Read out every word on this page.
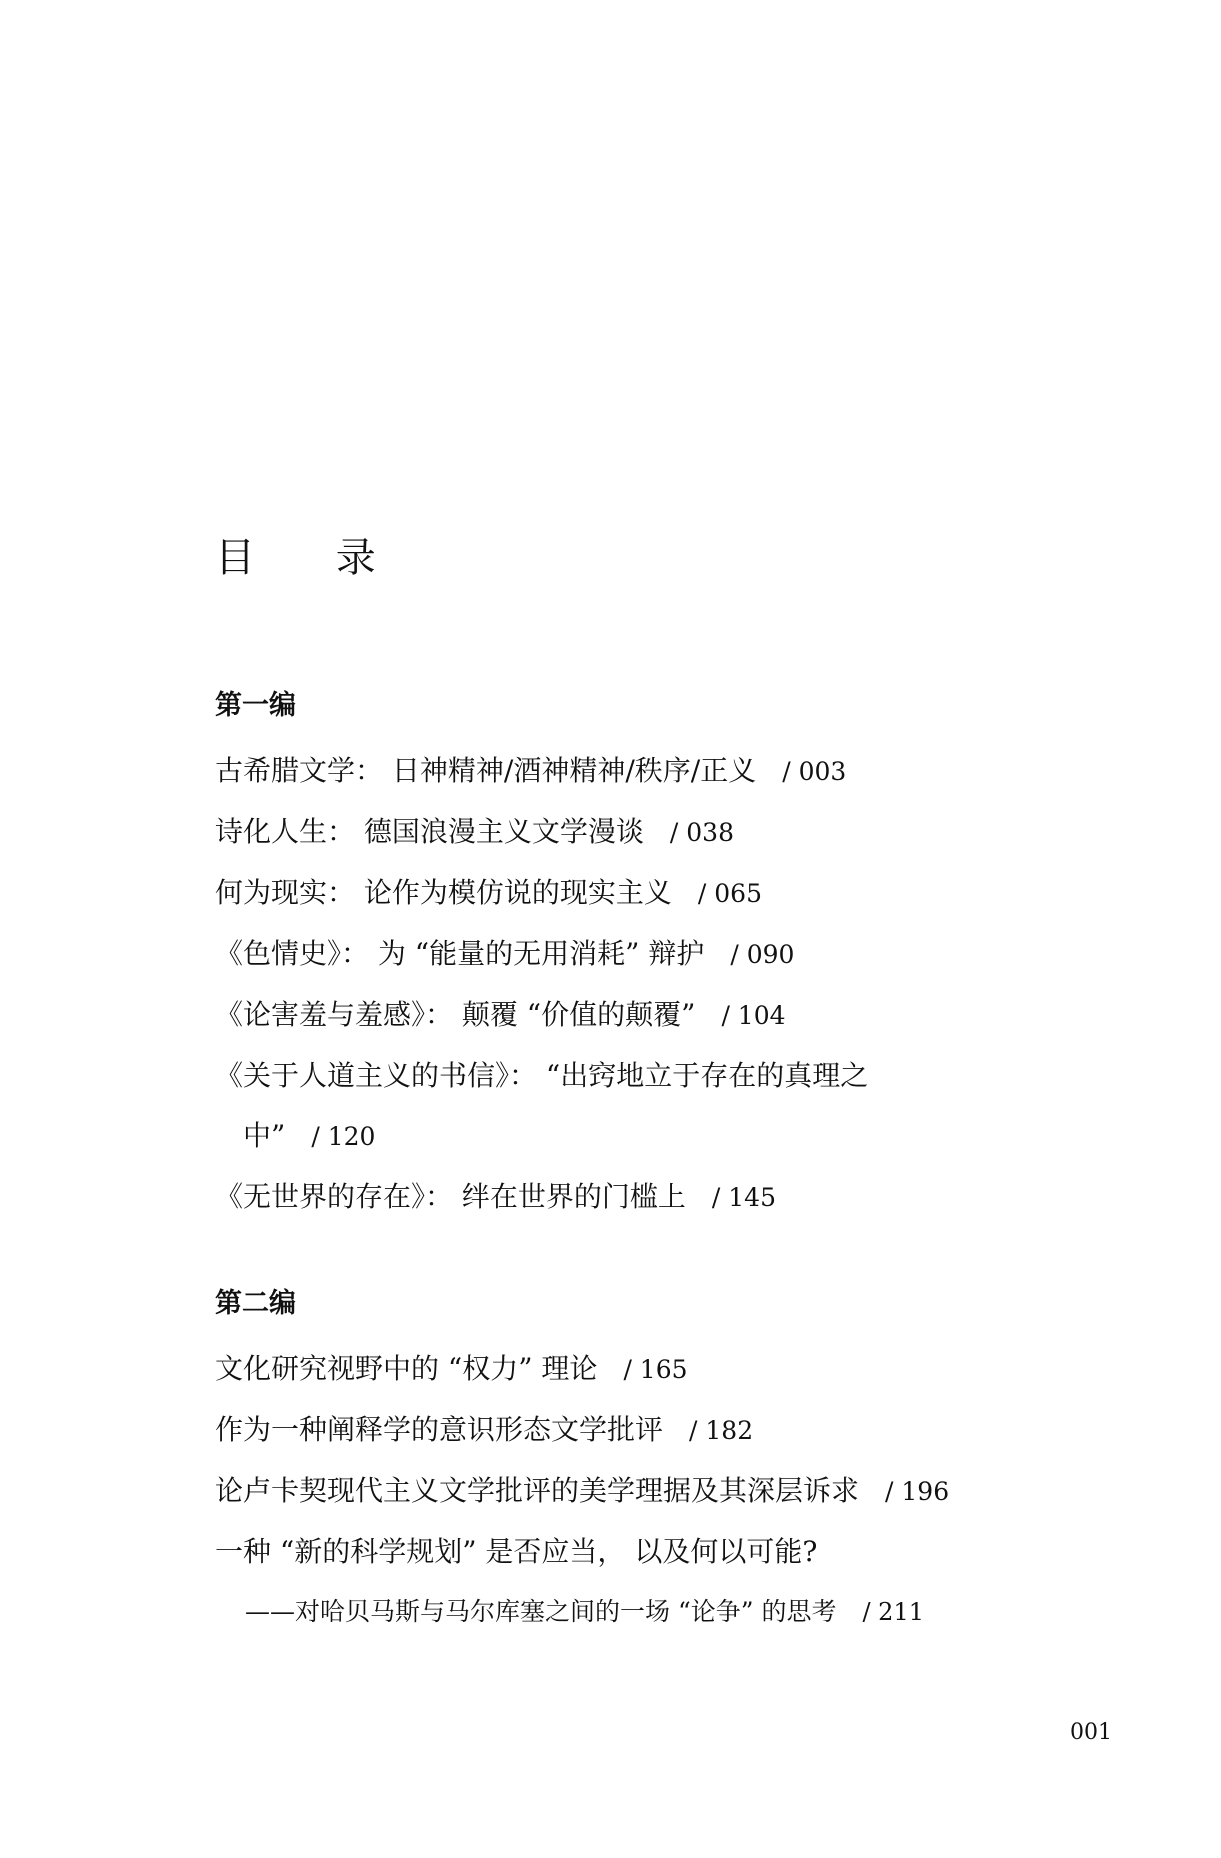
目 录
第一编
古希腊文学： 日神精神/酒神精神/秩序/正义 / 003
诗化人生： 德国浪漫主义文学漫谈 / 038
何为现实： 论作为模仿说的现实主义 / 065
《色情史》： 为 “能量的无用消耗” 辩护 / 090
《论害羞与羞感》： 颠覆 “价值的颠覆” / 104
《关于人道主义的书信》： “出窍地立于存在的真理之
中” / 120
《无世界的存在》： 绊在世界的门槛上 / 145
第二编
文化研究视野中的 “权力” 理论 / 165
作为一种阐释学的意识形态文学批评 / 182
论卢卡契现代主义文学批评的美学理据及其深层诉求 / 196
一种 “新的科学规划” 是否应当， 以及何以可能?
——对哈贝马斯与马尔库塞之间的一场 “论争” 的思考 / 211
001
